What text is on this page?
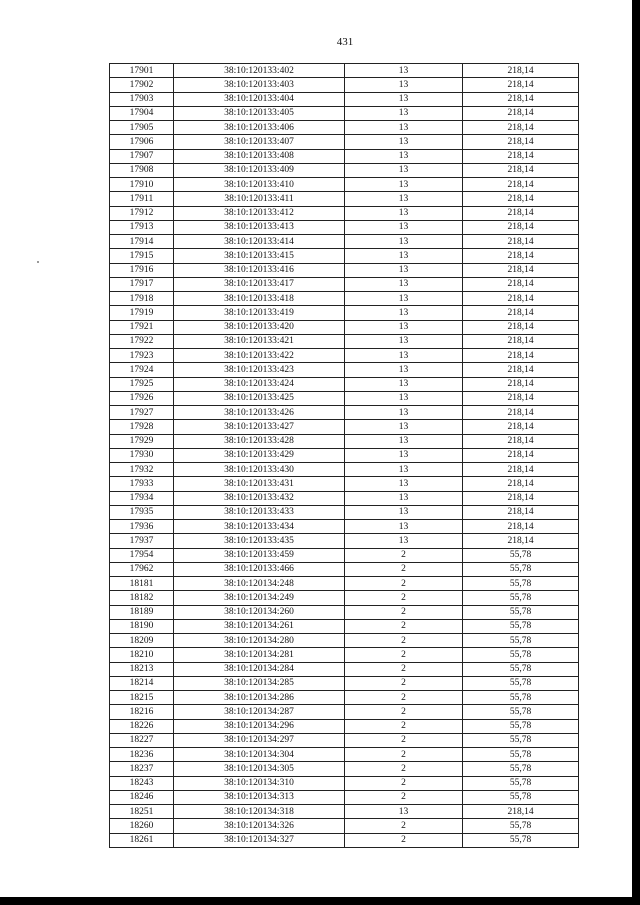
431
17901	38:10:120133:402	13	218,14
17902	38:10:120133:403	13	218,14
17903	38:10:120133:404	13	218,14
17904	38:10:120133:405	13	218,14
17905	38:10:120133:406	13	218,14
17906	38:10:120133:407	13	218,14
17907	38:10:120133:408	13	218,14
17908	38:10:120133:409	13	218,14
17910	38:10:120133:410	13	218,14
17911	38:10:120133:411	13	218,14
17912	38:10:120133:412	13	218,14
17913	38:10:120133:413	13	218,14
17914	38:10:120133:414	13	218,14
17915	38:10:120133:415	13	218,14
17916	38:10:120133:416	13	218,14
17917	38:10:120133:417	13	218,14
17918	38:10:120133:418	13	218,14
17919	38:10:120133:419	13	218,14
17921	38:10:120133:420	13	218,14
17922	38:10:120133:421	13	218,14
17923	38:10:120133:422	13	218,14
17924	38:10:120133:423	13	218,14
17925	38:10:120133:424	13	218,14
17926	38:10:120133:425	13	218,14
17927	38:10:120133:426	13	218,14
17928	38:10:120133:427	13	218,14
17929	38:10:120133:428	13	218,14
17930	38:10:120133:429	13	218,14
17932	38:10:120133:430	13	218,14
17933	38:10:120133:431	13	218,14
17934	38:10:120133:432	13	218,14
17935	38:10:120133:433	13	218,14
17936	38:10:120133:434	13	218,14
17937	38:10:120133:435	13	218,14
17954	38:10:120133:459	2	55,78
17962	38:10:120133:466	2	55,78
18181	38:10:120134:248	2	55,78
18182	38:10:120134:249	2	55,78
18189	38:10:120134:260	2	55,78
18190	38:10:120134:261	2	55,78
18209	38:10:120134:280	2	55,78
18210	38:10:120134:281	2	55,78
18213	38:10:120134:284	2	55,78
18214	38:10:120134:285	2	55,78
18215	38:10:120134:286	2	55,78
18216	38:10:120134:287	2	55,78
18226	38:10:120134:296	2	55,78
18227	38:10:120134:297	2	55,78
18236	38:10:120134:304	2	55,78
18237	38:10:120134:305	2	55,78
18243	38:10:120134:310	2	55,78
18246	38:10:120134:313	2	55,78
18251	38:10:120134:318	13	218,14
18260	38:10:120134:326	2	55,78
18261	38:10:120134:327	2	55,78
